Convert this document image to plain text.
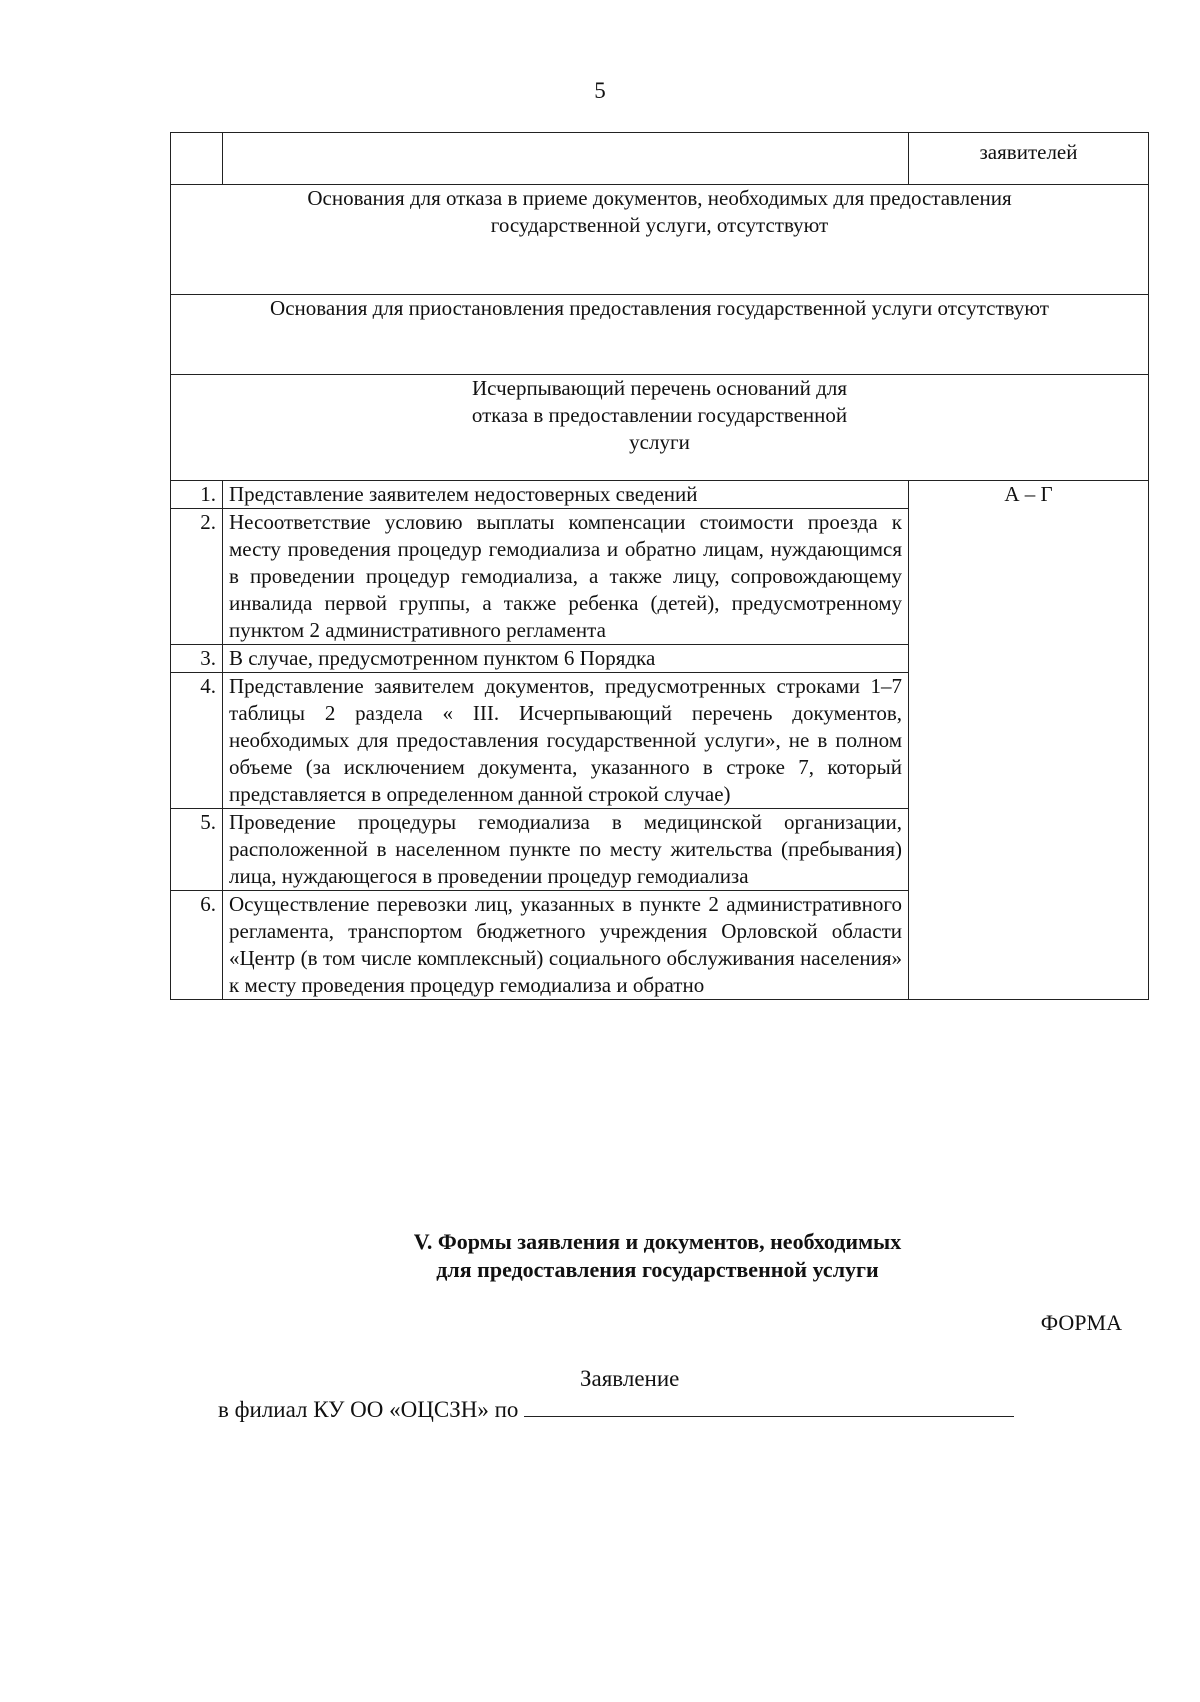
5
		заявителей
Основания для отказа в приеме документов, необходимых для предоставления государственной услуги, отсутствуют		
Основания для приостановления предоставления государственной услуги отсутствуют		
Исчерпывающий перечень оснований для отказа в предоставлении государственной услуги		
1.	Представление заявителем недостоверных сведений	А – Г
2.	Несоответствие условию выплаты компенсации стоимости проезда к месту проведения процедур гемодиализа и обратно лицам, нуждающимся в проведении процедур гемодиализа, а также лицу, сопровождающему инвалида первой группы, а также ребенка (детей), предусмотренному пунктом 2 административного регламента	
3.	В случае, предусмотренном пунктом 6 Порядка	
4.	Представление заявителем документов, предусмотренных строками 1–7 таблицы 2 раздела « III. Исчерпывающий перечень документов, необходимых для предоставления государственной услуги», не в полном объеме (за исключением документа, указанного в строке 7, который представляется в определенном данной строкой случае)	
5.	Проведение процедуры гемодиализа в медицинской организации, расположенной в населенном пункте по месту жительства (пребывания) лица, нуждающегося в проведении процедур гемодиализа	
6.	Осуществление перевозки лиц, указанных в пункте 2 административного регламента, транспортом бюджетного учреждения Орловской области «Центр (в том числе комплексный) социального обслуживания населения» к месту проведения процедур гемодиализа и обратно	
V. Формы заявления и документов, необходимых
для предоставления государственной услуги
ФОРМА
Заявление
в филиал КУ ОО «ОЦСЗН» по
